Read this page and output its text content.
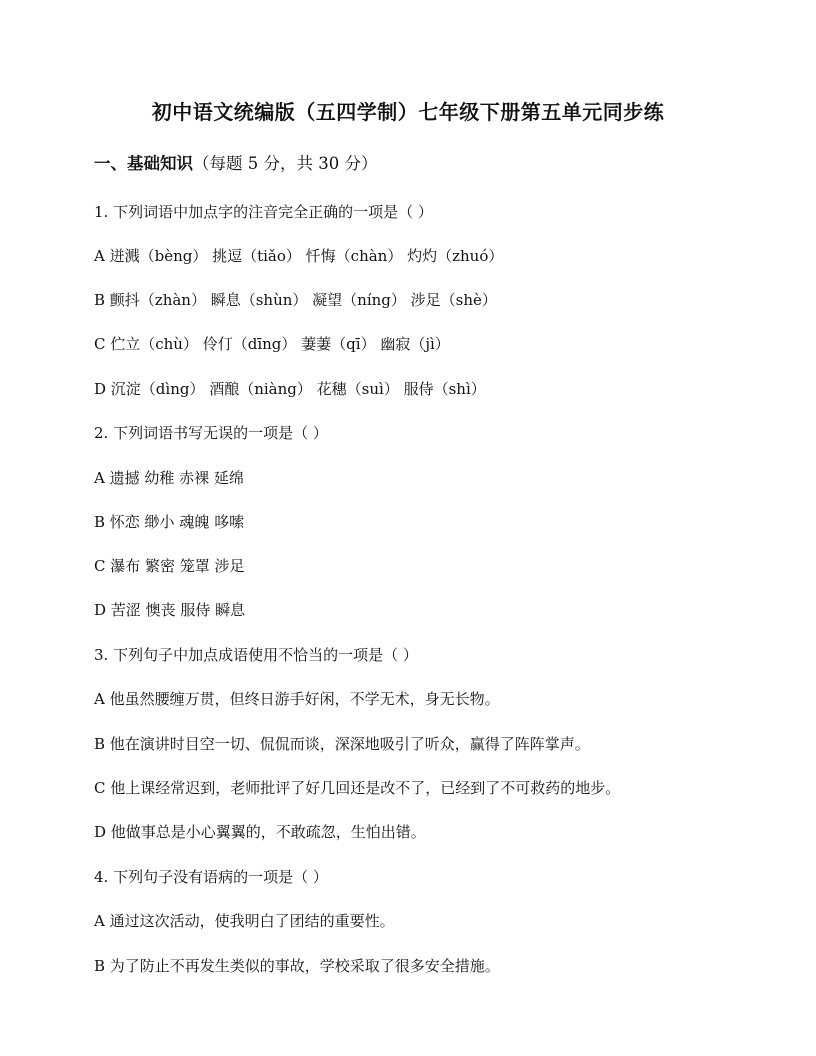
初中语文统编版（五四学制）七年级下册第五单元同步练
一、基础知识（每题 5 分，共 30 分）
1. 下列词语中加点字的注音完全正确的一项是（ ）
A 迸溅（bèng） 挑逗（tiǎo） 忏悔（chàn） 灼灼（zhuó）
B 颤抖（zhàn） 瞬息（shùn） 凝望（níng） 涉足（shè）
C 伫立（chù） 伶仃（dīng） 萋萋（qī） 幽寂（jì）
D 沉淀（dìng） 酒酿（niàng） 花穗（suì） 服侍（shì）
2. 下列词语书写无误的一项是（ ）
A 遗撼 幼稚 赤裸 延绵
B 怀恋 缈小 魂魄 哆嗦
C 瀑布 繁密 笼罩 涉足
D 苦涩 懊丧 服侍 瞬息
3. 下列句子中加点成语使用不恰当的一项是（ ）
A 他虽然腰缠万贯，但终日游手好闲，不学无术，身无长物。
B 他在演讲时目空一切、侃侃而谈，深深地吸引了听众，赢得了阵阵掌声。
C 他上课经常迟到，老师批评了好几回还是改不了，已经到了不可救药的地步。
D 他做事总是小心翼翼的，不敢疏忽，生怕出错。
4. 下列句子没有语病的一项是（ ）
A 通过这次活动，使我明白了团结的重要性。
B 为了防止不再发生类似的事故，学校采取了很多安全措施。
